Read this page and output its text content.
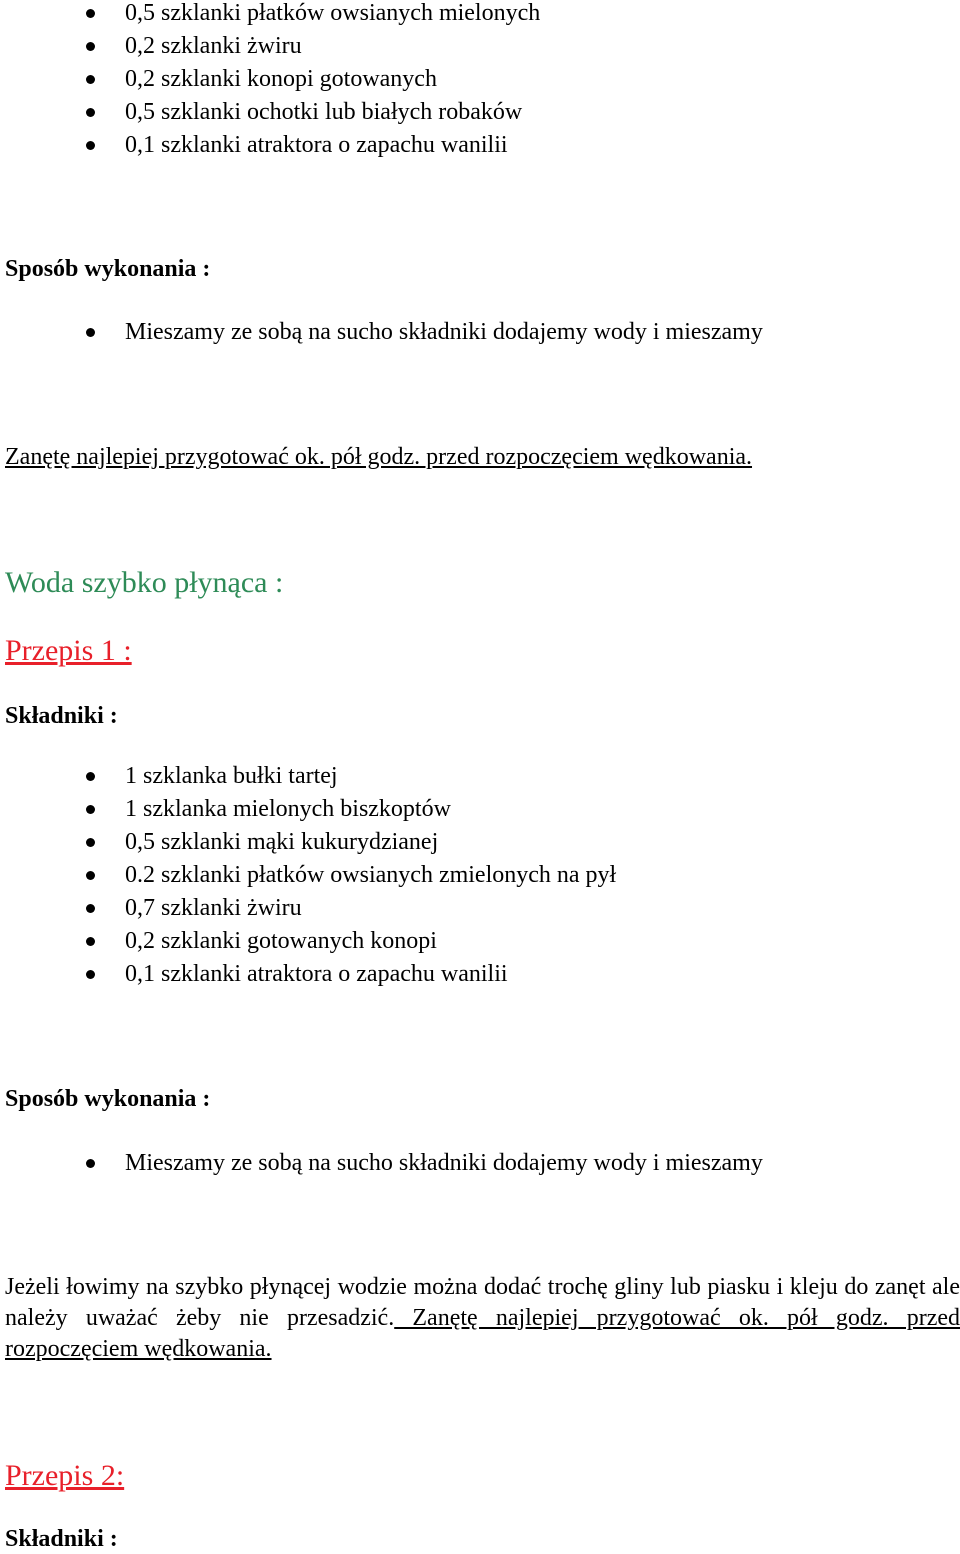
0,5 szklanki płatków owsianych mielonych
0,2 szklanki żwiru
0,2 szklanki konopi gotowanych
0,5 szklanki ochotki lub białych robaków
0,1 szklanki atraktora o zapachu wanilii
Sposób wykonania :
Mieszamy ze sobą na sucho składniki dodajemy wody i mieszamy
Zanętę najlepiej przygotować ok. pół godz. przed rozpoczęciem wędkowania.
Woda szybko płynąca :
Przepis 1 :
Składniki :
1 szklanka bułki tartej
1 szklanka mielonych biszkoptów
0,5 szklanki mąki kukurydzianej
0.2 szklanki płatków owsianych zmielonych na pył
0,7 szklanki żwiru
0,2 szklanki gotowanych konopi
0,1 szklanki atraktora o zapachu wanilii
Sposób wykonania :
Mieszamy ze sobą na sucho składniki dodajemy wody i mieszamy
Jeżeli łowimy na szybko płynącej wodzie można dodać trochę gliny lub piasku i kleju do zanęt ale należy uważać żeby nie przesadzić. Zanętę najlepiej przygotować ok. pół godz. przed rozpoczęciem wędkowania.
Przepis 2:
Składniki :
